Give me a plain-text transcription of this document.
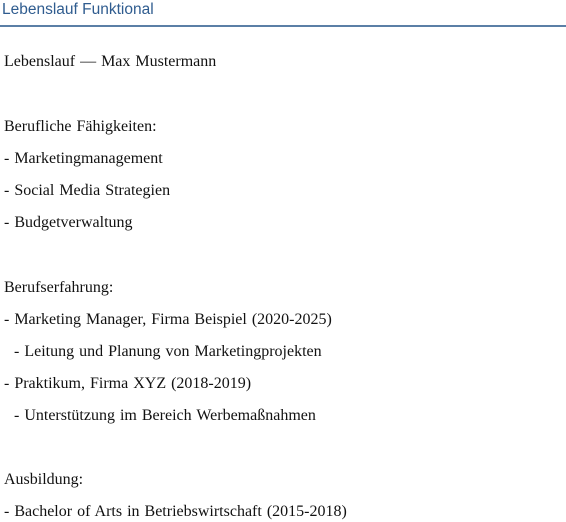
Lebenslauf Funktional
Lebenslauf — Max Mustermann
Berufliche Fähigkeiten:
- Marketingmanagement
- Social Media Strategien
- Budgetverwaltung
Berufserfahrung:
- Marketing Manager, Firma Beispiel (2020-2025)
- Leitung und Planung von Marketingprojekten
- Praktikum, Firma XYZ (2018-2019)
- Unterstützung im Bereich Werbemaßnahmen
Ausbildung:
- Bachelor of Arts in Betriebswirtschaft (2015-2018)
